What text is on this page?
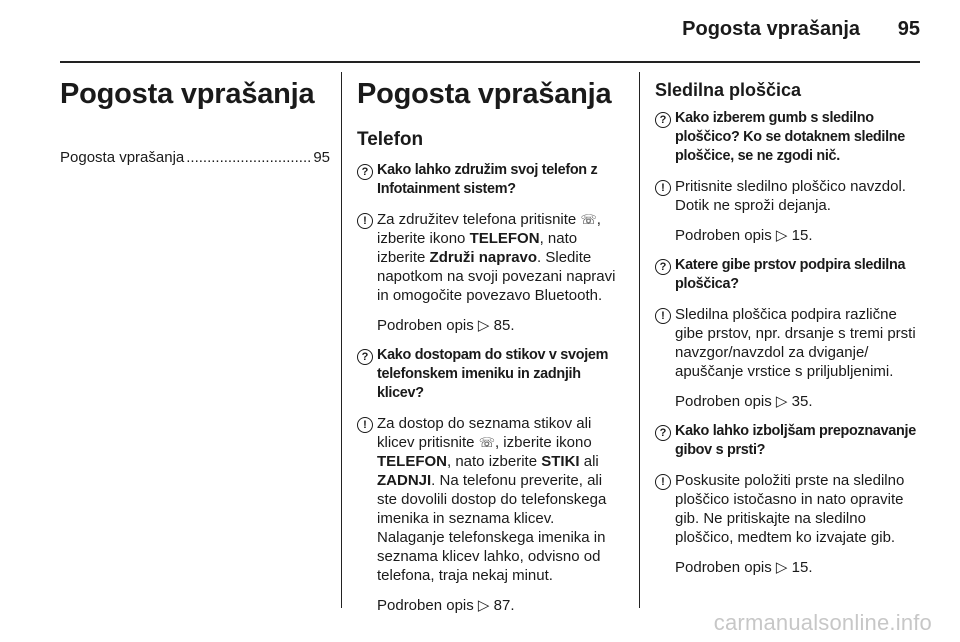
Pogosta vprašanja 95
Pogosta vprašanja
Pogosta vprašanja
.....	95
Pogosta vprašanja
Telefon
? Kako lahko združim svoj telefon z Infotainment sistem?
! Za združitev telefona pritisnite ☏, izberite ikono TELEFON, nato izberite Združi napravo. Sledite napotkom na svoji povezani napravi in omogočite povezavo Bluetooth.
Podroben opis ▷ 85.
? Kako dostopam do stikov v svojem telefonskem imeniku in zadnjih klicev?
! Za dostop do seznama stikov ali klicev pritisnite ☏, izberite ikono TELEFON, nato izberite STIKI ali ZADNJI. Na telefonu preverite, ali ste dovolili dostop do telefonskega imenika in seznama klicev. Nalaganje telefonskega imenika in seznama klicev lahko, odvisno od telefona, traja nekaj minut.
Podroben opis ▷ 87.
Sledilna ploščica
? Kako izberem gumb s sledilno ploščico? Ko se dotaknem sledilne ploščice, se ne zgodi nič.
! Pritisnite sledilno ploščico navzdol. Dotik ne sproži dejanja.
Podroben opis ▷ 15.
? Katere gibe prstov podpira sledilna ploščica?
! Sledilna ploščica podpira različne gibe prstov, npr. drsanje s tremi prsti navzgor/navzdol za dviganje/ apuščanje vrstice s priljubljenimi.
Podroben opis ▷ 35.
? Kako lahko izboljšam prepoznavanje gibov s prsti?
! Poskusite položiti prste na sledilno ploščico istočasno in nato opravite gib. Ne pritiskajte na sledilno ploščico, medtem ko izvajate gib.
Podroben opis ▷ 15.
carmanualsonline.info
